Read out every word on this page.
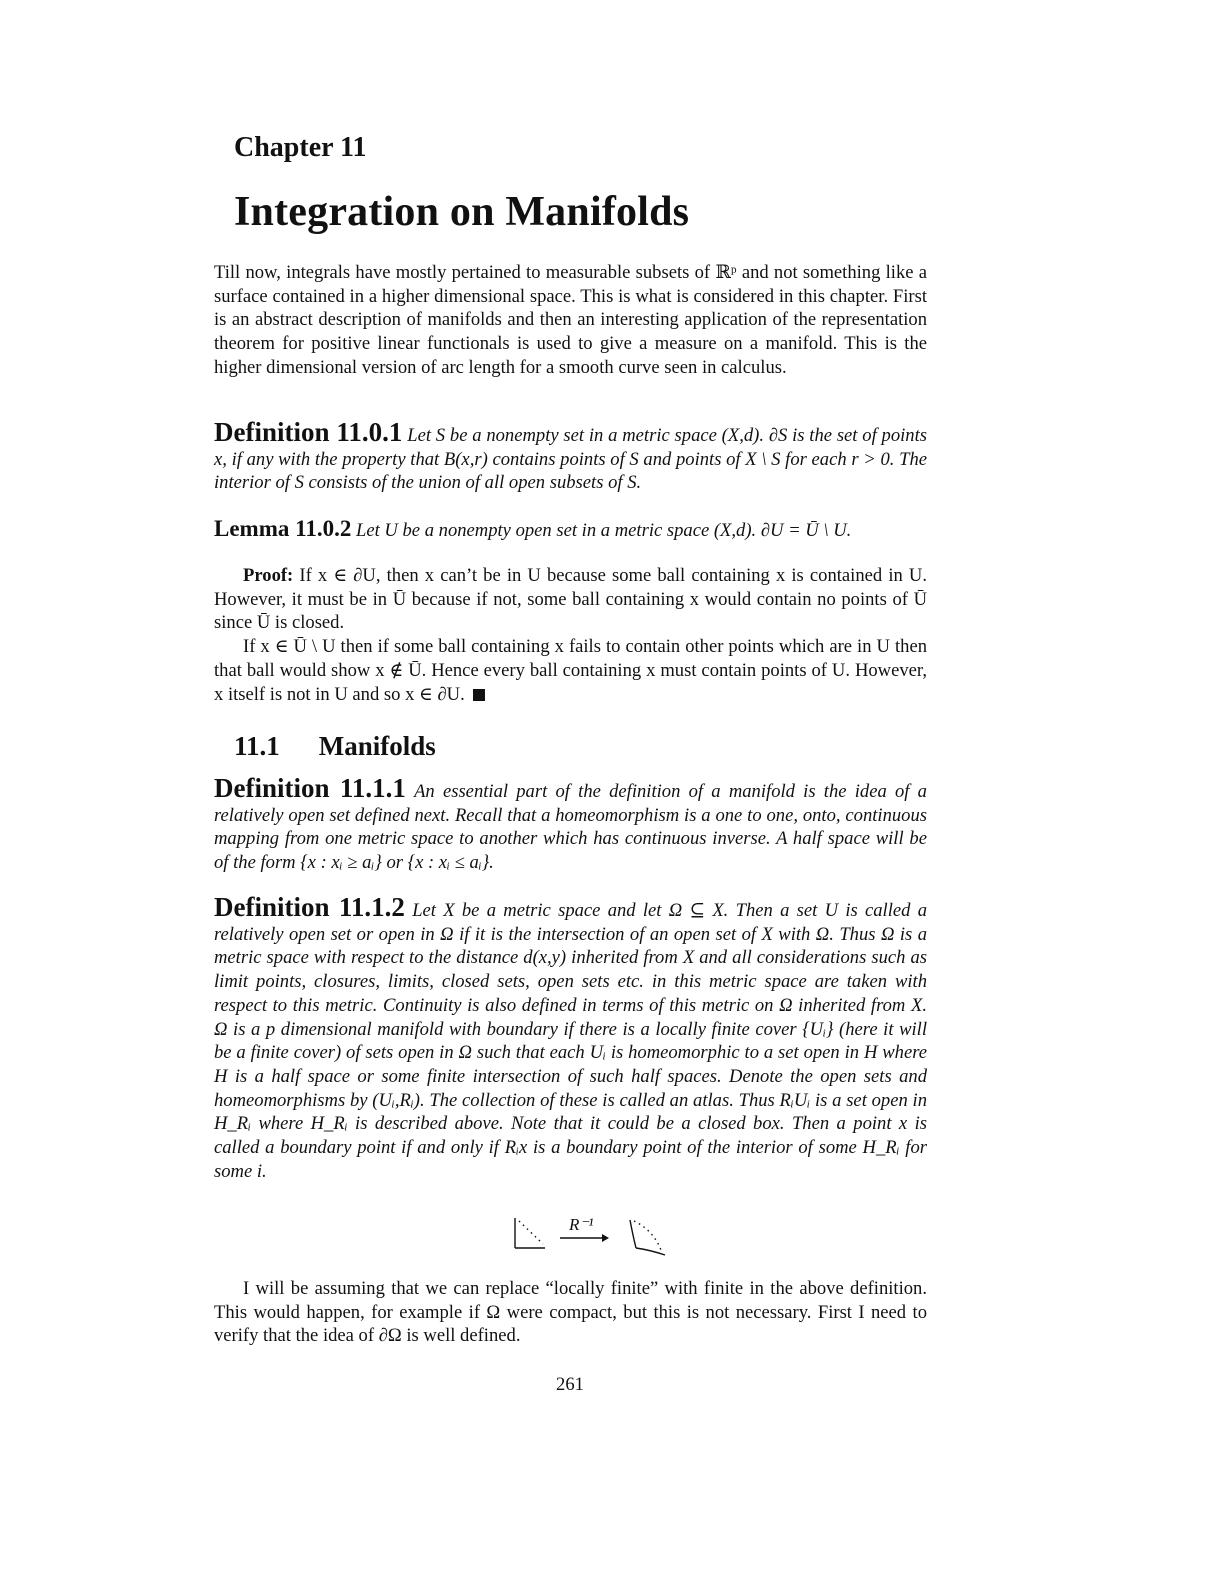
Chapter 11
Integration on Manifolds

Till now, integrals have mostly pertained to measurable subsets of ℝᵖ and not something like a surface contained in a higher dimensional space. This is what is considered in this chapter. First is an abstract description of manifolds and then an interesting application of the representation theorem for positive linear functionals is used to give a measure on a manifold. This is the higher dimensional version of arc length for a smooth curve seen in calculus.

Definition 11.0.1 Let S be a nonempty set in a metric space (X,d). ∂S is the set of points x, if any with the property that B(x,r) contains points of S and points of X \ S for each r > 0. The interior of S consists of the union of all open subsets of S.

Lemma 11.0.2 Let U be a nonempty open set in a metric space (X,d). ∂U = Ū \ U.

Proof: If x ∈ ∂U, then x can’t be in U because some ball containing x is contained in U. However, it must be in Ū because if not, some ball containing x would contain no points of Ū since Ū is closed.

If x ∈ Ū \ U then if some ball containing x fails to contain other points which are in U then that ball would show x ∉ Ū. Hence every ball containing x must contain points of U. However, x itself is not in U and so x ∈ ∂U.

11.1 Manifolds

Definition 11.1.1 An essential part of the definition of a manifold is the idea of a relatively open set defined next. Recall that a homeomorphism is a one to one, onto, continuous mapping from one metric space to another which has continuous inverse. A half space will be of the form {x : xᵢ ≥ aᵢ} or {x : xᵢ ≤ aᵢ}.

Definition 11.1.2 Let X be a metric space and let Ω ⊆ X. Then a set U is called a relatively open set or open in Ω if it is the intersection of an open set of X with Ω. Thus Ω is a metric space with respect to the distance d(x,y) inherited from X and all considerations such as limit points, closures, limits, closed sets, open sets etc. in this metric space are taken with respect to this metric. Continuity is also defined in terms of this metric on Ω inherited from X. Ω is a p dimensional manifold with boundary if there is a locally finite cover {Uᵢ} (here it will be a finite cover) of sets open in Ω such that each Uᵢ is homeomorphic to a set open in H where H is a half space or some finite intersection of such half spaces. Denote the open sets and homeomorphisms by (Uᵢ,Rᵢ). The collection of these is called an atlas. Thus RᵢUᵢ is a set open in H_Rᵢ where H_Rᵢ is described above. Note that it could be a closed box. Then a point x is called a boundary point if and only if Rᵢx is a boundary point of the interior of some H_Rᵢ for some i.

R⁻¹

I will be assuming that we can replace “locally finite” with finite in the above definition. This would happen, for example if Ω were compact, but this is not necessary. First I need to verify that the idea of ∂Ω is well defined.

261
